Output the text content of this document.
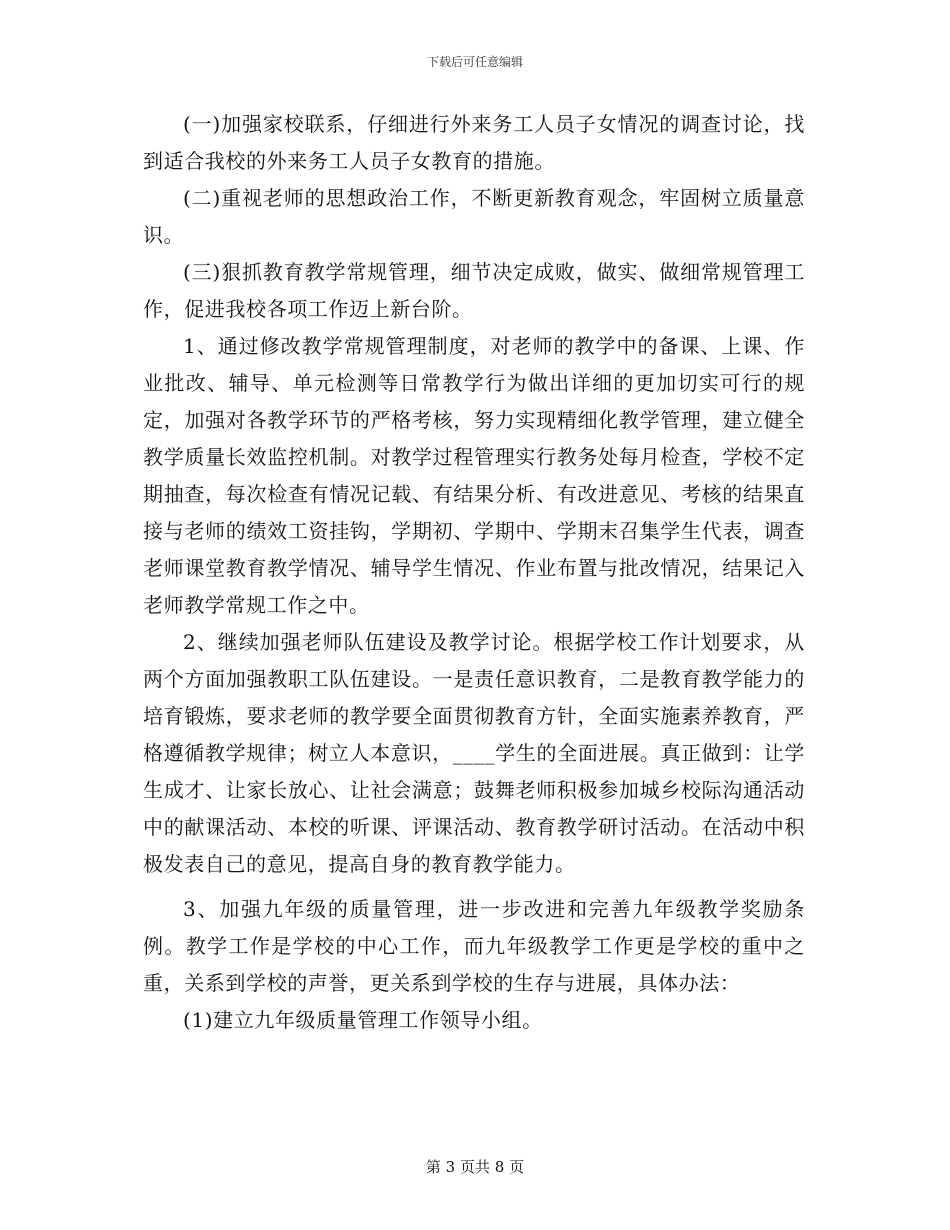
下载后可任意编辑

(一)加强家校联系，仔细进行外来务工人员子女情况的调查讨论，找到适合我校的外来务工人员子女教育的措施。

(二)重视老师的思想政治工作，不断更新教育观念，牢固树立质量意识。

(三)狠抓教育教学常规管理，细节决定成败，做实、做细常规管理工作，促进我校各项工作迈上新台阶。

1、通过修改教学常规管理制度，对老师的教学中的备课、上课、作业批改、辅导、单元检测等日常教学行为做出详细的更加切实可行的规定，加强对各教学环节的严格考核，努力实现精细化教学管理，建立健全教学质量长效监控机制。对教学过程管理实行教务处每月检查，学校不定期抽查，每次检查有情况记载、有结果分析、有改进意见、考核的结果直接与老师的绩效工资挂钩，学期初、学期中、学期末召集学生代表，调查老师课堂教育教学情况、辅导学生情况、作业布置与批改情况，结果记入老师教学常规工作之中。

2、继续加强老师队伍建设及教学讨论。根据学校工作计划要求，从两个方面加强教职工队伍建设。一是责任意识教育，二是教育教学能力的培育锻炼，要求老师的教学要全面贯彻教育方针，全面实施素养教育，严格遵循教学规律；树立人本意识，____学生的全面进展。真正做到：让学生成才、让家长放心、让社会满意；鼓舞老师积极参加城乡校际沟通活动中的献课活动、本校的听课、评课活动、教育教学研讨活动。在活动中积极发表自己的意见，提高自身的教育教学能力。

3、加强九年级的质量管理，进一步改进和完善九年级教学奖励条例。教学工作是学校的中心工作，而九年级教学工作更是学校的重中之重，关系到学校的声誉，更关系到学校的生存与进展，具体办法：

(1)建立九年级质量管理工作领导小组。

第 3 页共 8 页
